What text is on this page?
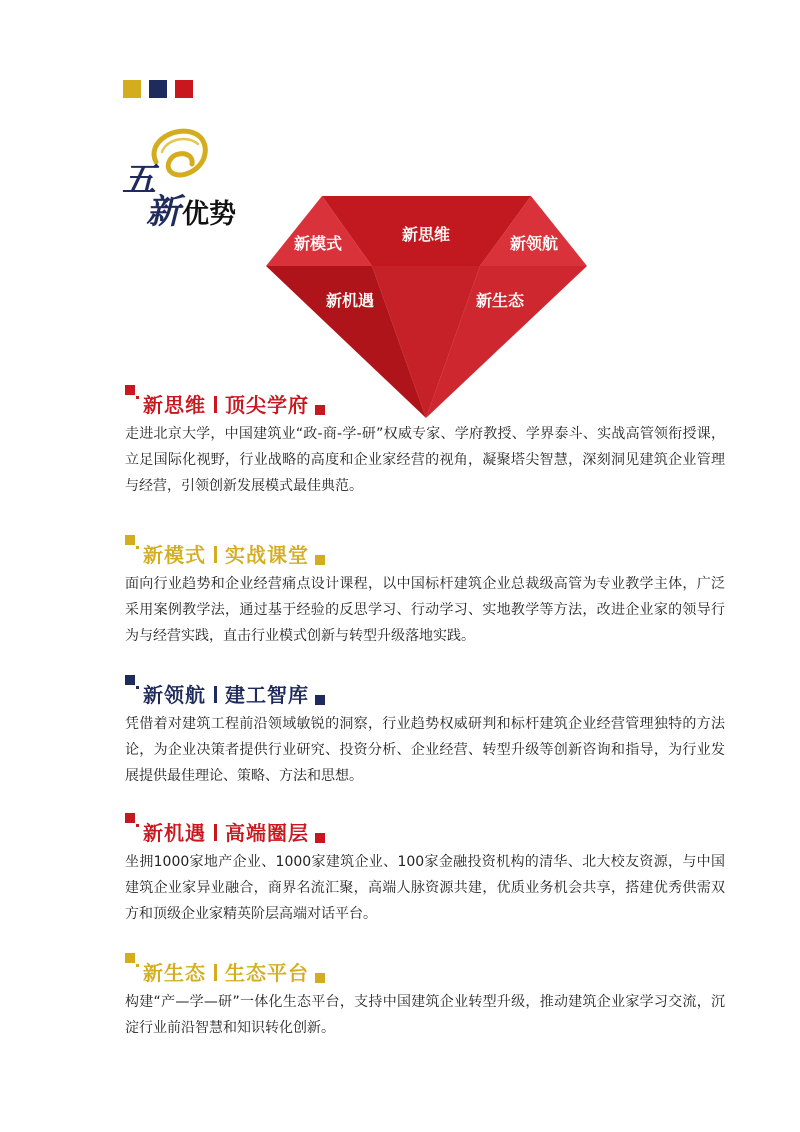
五
新 优势
新思维
新模式	新领航
新机遇	新生态
新思维 顶尖学府
走进北京大学，中国建筑业“政-商-学-研”权威专家、学府教授、学界泰斗、实战高管领衔授课，立足国际化视野，行业战略的高度和企业家经营的视角，凝聚塔尖智慧，深刻洞见建筑企业管理与经营，引领创新发展模式最佳典范。
新模式 实战课堂
面向行业趋势和企业经营痛点设计课程，以中国标杆建筑企业总裁级高管为专业教学主体，广泛采用案例教学法，通过基于经验的反思学习、行动学习、实地教学等方法，改进企业家的领导行为与经营实践，直击行业模式创新与转型升级落地实践。
新领航 建工智库
凭借着对建筑工程前沿领域敏锐的洞察，行业趋势权威研判和标杆建筑企业经营管理独特的方法论，为企业决策者提供行业研究、投资分析、企业经营、转型升级等创新咨询和指导，为行业发展提供最佳理论、策略、方法和思想。
新机遇 高端圈层
坐拥1000家地产企业、1000家建筑企业、100家金融投资机构的清华、北大校友资源，与中国建筑企业家异业融合，商界名流汇聚，高端人脉资源共建，优质业务机会共享，搭建优秀供需双方和顶级企业家精英阶层高端对话平台。
新生态 生态平台
构建“产—学—研”一体化生态平台，支持中国建筑企业转型升级，推动建筑企业家学习交流，沉淀行业前沿智慧和知识转化创新。
